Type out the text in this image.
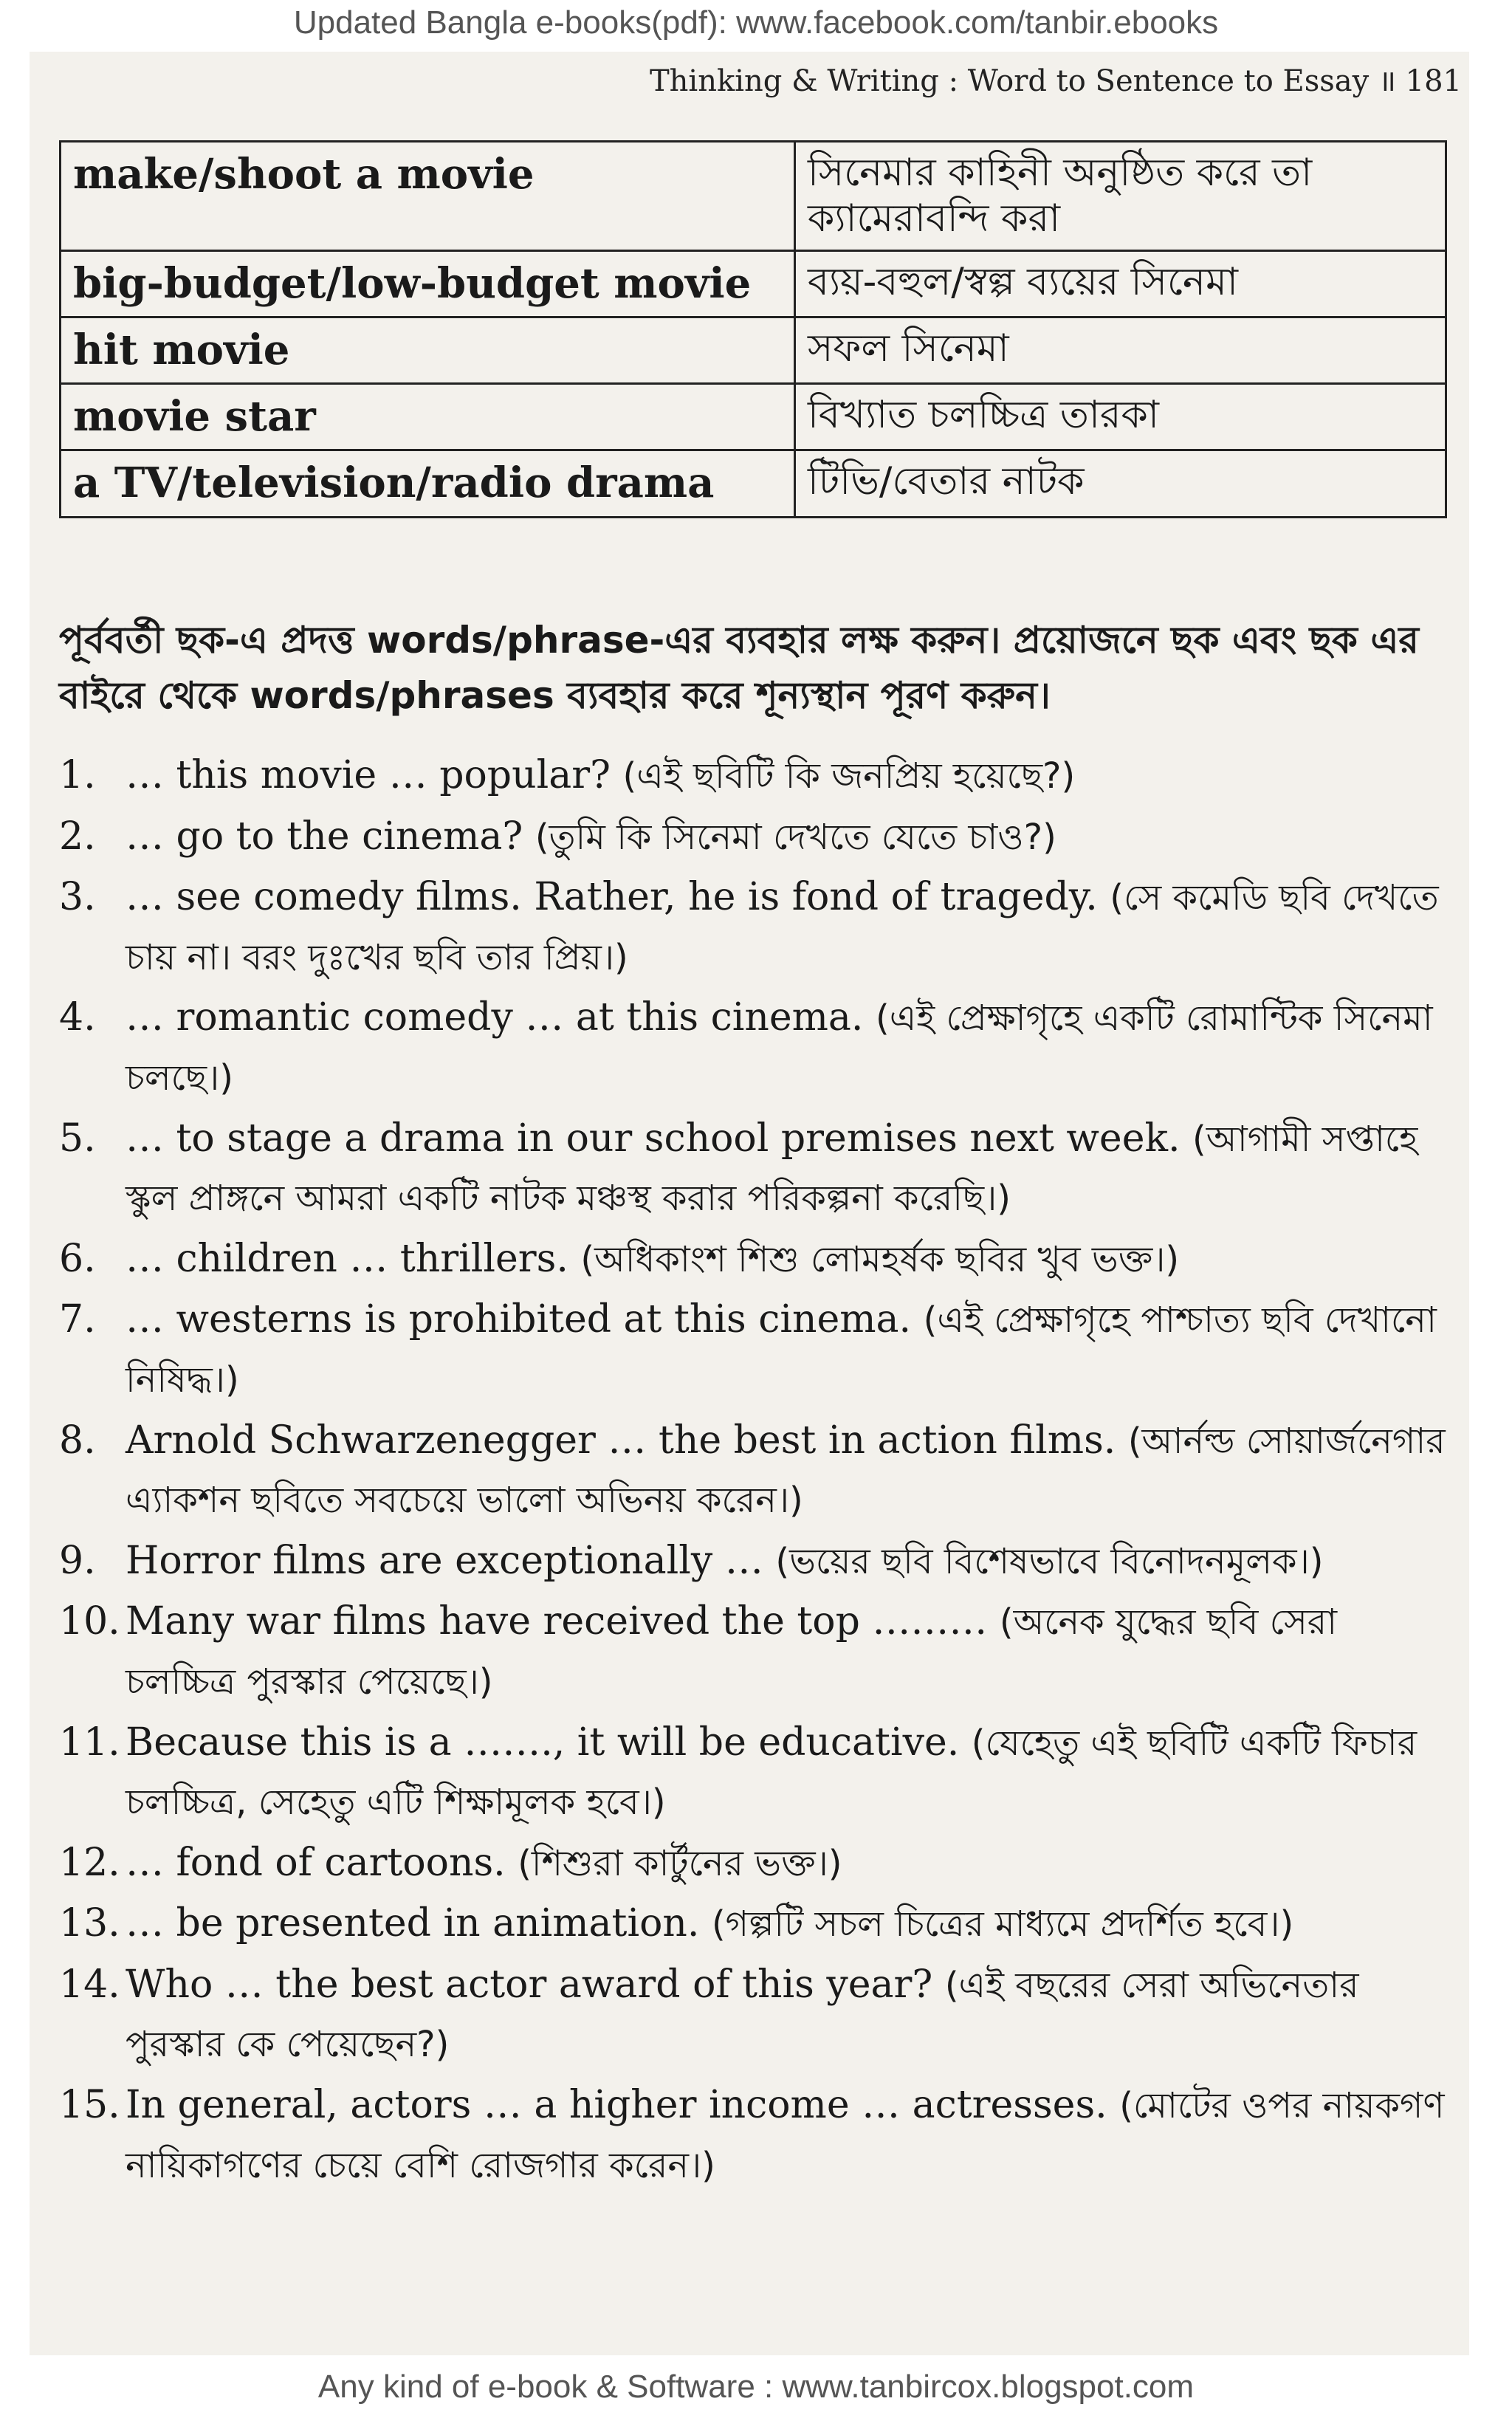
Updated Bangla e-books(pdf): www.facebook.com/tanbir.ebooks
Thinking & Writing : Word to Sentence to Essay ॥ 181
make/shoot a movie	সিনেমার কাহিনী অনুষ্ঠিত করে তা ক্যামেরাবন্দি করা
big-budget/low-budget movie	ব্যয়-বহুল/স্বল্প ব্যয়ের সিনেমা
hit movie	সফল সিনেমা
movie star	বিখ্যাত চলচ্চিত্র তারকা
a TV/television/radio drama	টিভি/বেতার নাটক
পূর্ববর্তী ছক-এ প্রদত্ত words/phrase-এর ব্যবহার লক্ষ করুন। প্রয়োজনে ছক এবং ছক এর বাইরে থেকে words/phrases ব্যবহার করে শূন্যস্থান পূরণ করুন।
1. … this movie … popular? (এই ছবিটি কি জনপ্রিয় হয়েছে?)
2. … go to the cinema? (তুমি কি সিনেমা দেখতে যেতে চাও?)
3. … see comedy films. Rather, he is fond of tragedy. (সে কমেডি ছবি দেখতে চায় না। বরং দুঃখের ছবি তার প্রিয়।)
4. … romantic comedy … at this cinema. (এই প্রেক্ষাগৃহে একটি রোমান্টিক সিনেমা চলছে।)
5. … to stage a drama in our school premises next week. (আগামী সপ্তাহে স্কুল প্রাঙ্গনে আমরা একটি নাটক মঞ্চস্থ করার পরিকল্পনা করেছি।)
6. … children … thrillers. (অধিকাংশ শিশু লোমহর্ষক ছবির খুব ভক্ত।)
7. … westerns is prohibited at this cinema. (এই প্রেক্ষাগৃহে পাশ্চাত্য ছবি দেখানো নিষিদ্ধ।)
8. Arnold Schwarzenegger … the best in action films. (আর্নল্ড সোয়ার্জনেগার এ্যাকশন ছবিতে সবচেয়ে ভালো অভিনয় করেন।)
9. Horror films are exceptionally … (ভয়ের ছবি বিশেষভাবে বিনোদনমূলক।)
10. Many war films have received the top ……… (অনেক যুদ্ধের ছবি সেরা চলচ্চিত্র পুরস্কার পেয়েছে।)
11. Because this is a ……., it will be educative. (যেহেতু এই ছবিটি একটি ফিচার চলচ্চিত্র, সেহেতু এটি শিক্ষামূলক হবে।)
12. … fond of cartoons. (শিশুরা কার্টুনের ভক্ত।)
13. … be presented in animation. (গল্পটি সচল চিত্রের মাধ্যমে প্রদর্শিত হবে।)
14. Who … the best actor award of this year? (এই বছরের সেরা অভিনেতার পুরস্কার কে পেয়েছেন?)
15. In general, actors … a higher income … actresses. (মোটের ওপর নায়কগণ নায়িকাগণের চেয়ে বেশি রোজগার করেন।)
Any kind of e-book & Software : www.tanbircox.blogspot.com
